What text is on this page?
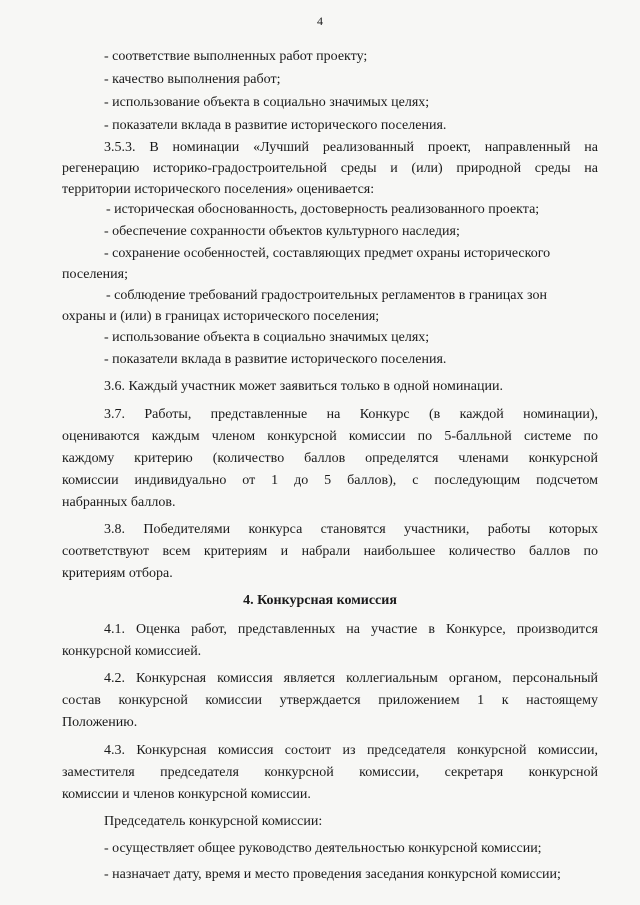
4

- соответствие выполненных работ проекту;

- качество выполнения работ;

- использование объекта в социально значимых целях;

- показатели вклада в развитие исторического поселения.

3.5.3. В номинации «Лучший реализованный проект, направленный на

регенерацию историко-градостроительной среды и (или) природной среды на

территории исторического поселения» оценивается:

- историческая обоснованность, достоверность реализованного проекта;

- обеспечение сохранности объектов культурного наследия;

- сохранение особенностей, составляющих предмет охраны исторического

поселения;

- соблюдение требований градостроительных регламентов в границах зон

охраны и (или) в границах исторического поселения;

- использование объекта в социально значимых целях;

- показатели вклада в развитие исторического поселения.

3.6. Каждый участник может заявиться только в одной номинации.

3.7. Работы, представленные на Конкурс (в каждой номинации),

оцениваются каждым членом конкурсной комиссии по 5-балльной системе по

каждому критерию (количество баллов определятся членами конкурсной

комиссии индивидуально от 1 до 5 баллов), с последующим подсчетом

набранных баллов.

3.8. Победителями конкурса становятся участники, работы которых

соответствуют всем критериям и набрали наибольшее количество баллов по

критериям отбора.

4. Конкурсная комиссия

4.1. Оценка работ, представленных на участие в Конкурсе, производится

конкурсной комиссией.

4.2. Конкурсная комиссия является коллегиальным органом, персональный

состав конкурсной комиссии утверждается приложением 1 к настоящему

Положению.

4.3. Конкурсная комиссия состоит из председателя конкурсной комиссии,

заместителя председателя конкурсной комиссии, секретаря конкурсной

комиссии и членов конкурсной комиссии.

Председатель конкурсной комиссии:

- осуществляет общее руководство деятельностью конкурсной комиссии;

- назначает дату, время и место проведения заседания конкурсной комиссии;
